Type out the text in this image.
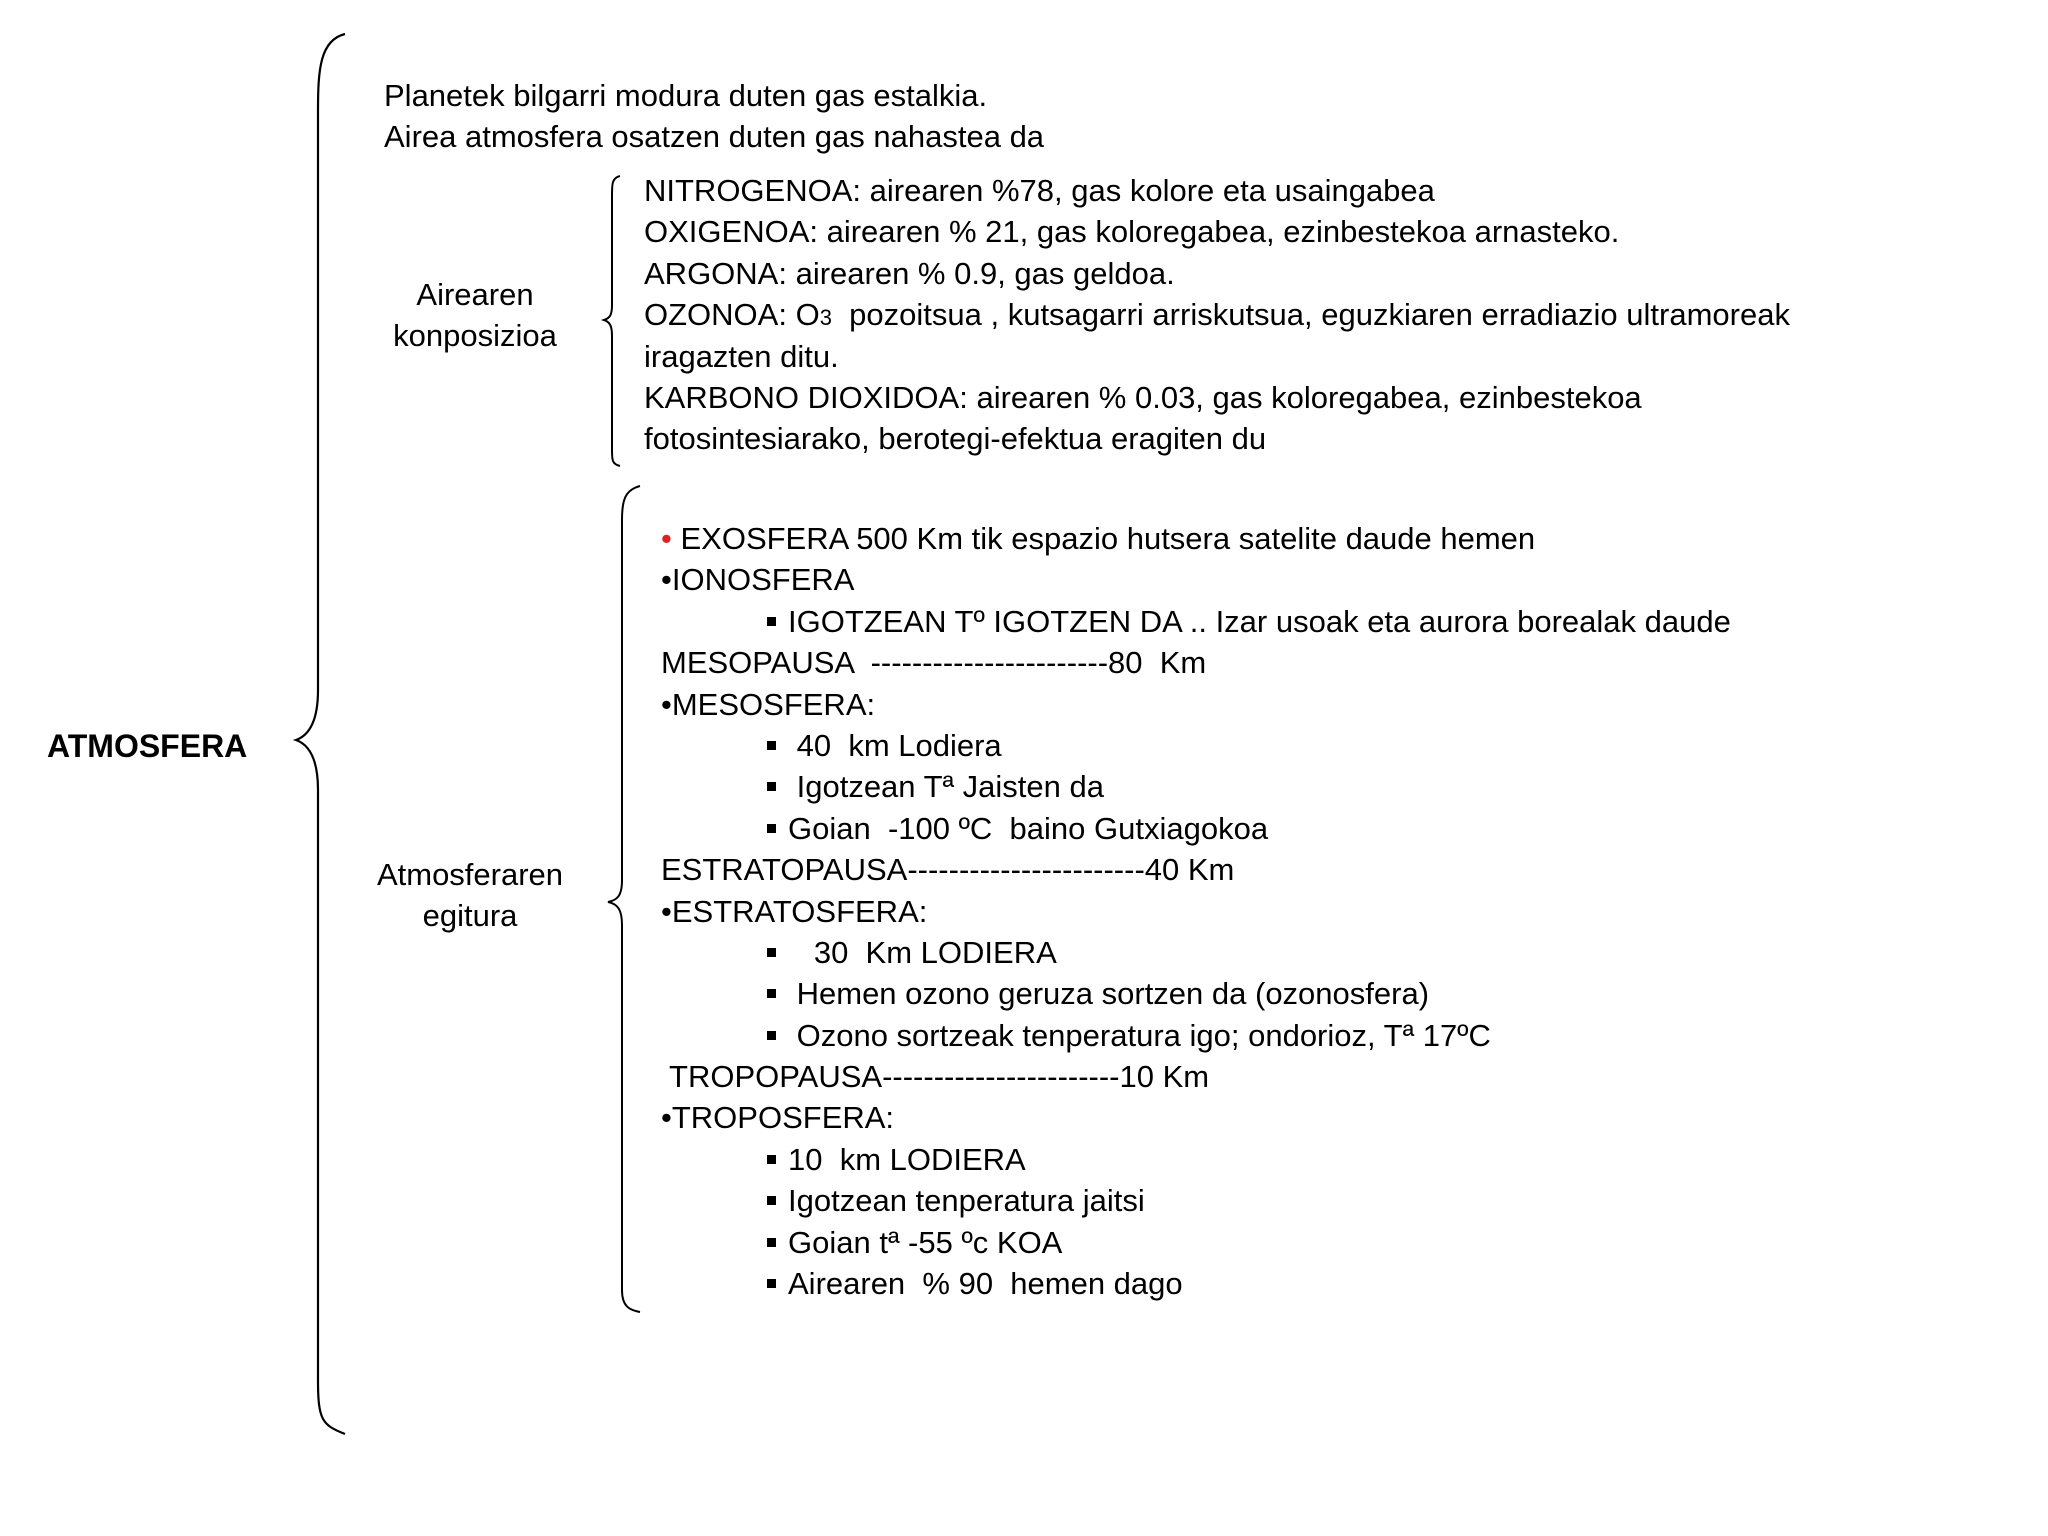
ATMOSFERA
Planetek bilgarri modura duten gas estalkia.
Airea atmosfera osatzen duten gas nahastea da
Airearen
konposizioa
NITROGENOA: airearen %78, gas kolore eta usaingabea
OXIGENOA: airearen % 21, gas koloregabea, ezinbestekoa arnasteko.
ARGONA: airearen % 0.9, gas geldoa.
OZONOA: O3  pozoitsua , kutsagarri arriskutsua, eguzkiaren erradiazio ultramoreak
iragazten ditu.
KARBONO DIOXIDOA: airearen % 0.03, gas koloregabea, ezinbestekoa
fotosintesiarako, berotegi-efektua eragiten du
Atmosferaren
egitura
• EXOSFERA 500 Km tik espazio hutsera satelite daude hemen
•IONOSFERA
IGOTZEAN Tº IGOTZEN DA .. Izar usoak eta aurora borealak daude
MESOPAUSA  -----------------------80  Km
•MESOSFERA:
40  km Lodiera
Igotzean Tª Jaisten da
Goian  -100 ºC  baino Gutxiagokoa
ESTRATOPAUSA-----------------------40 Km
•ESTRATOSFERA:
30  Km LODIERA
Hemen ozono geruza sortzen da (ozonosfera)
Ozono sortzeak tenperatura igo; ondorioz, Tª 17ºC
TROPOPAUSA-----------------------10 Km
•TROPOSFERA:
10  km LODIERA
Igotzean tenperatura jaitsi
Goian tª -55 ºc KOA
Airearen  % 90  hemen dago
